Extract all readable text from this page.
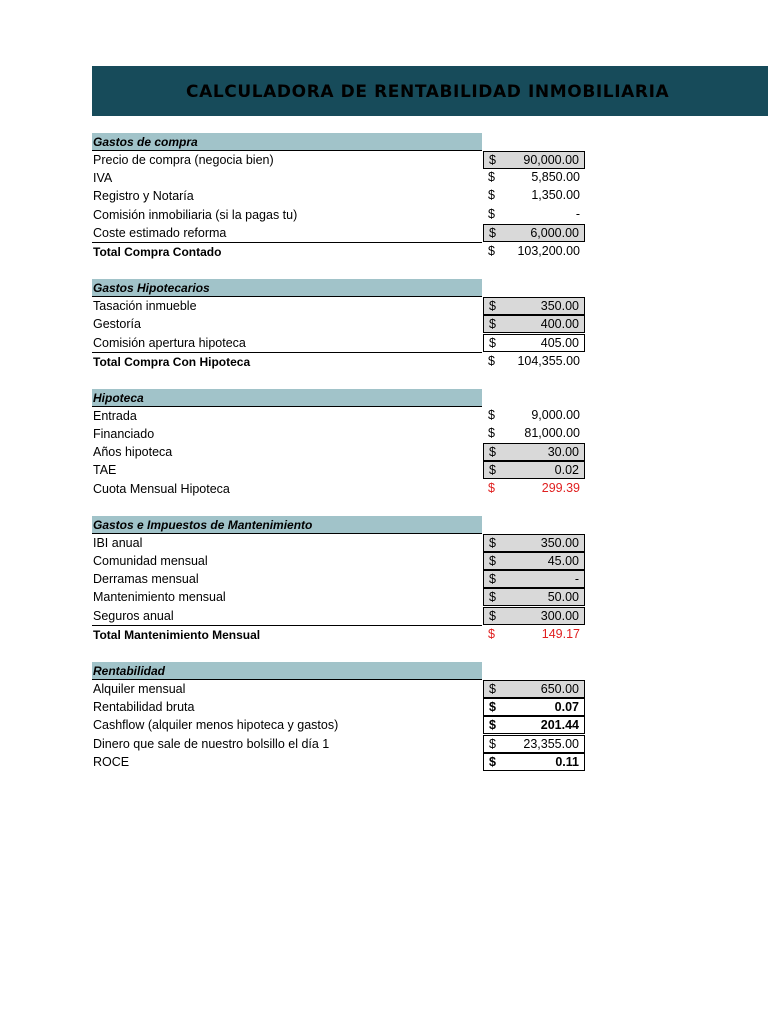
CALCULADORA DE RENTABILIDAD INMOBILIARIA
Gastos de compra
Precio de compra (negocia bien)	$ 90,000.00
IVA	$	5,850.00
Registro y Notaría	$	1,350.00
Comisión inmobiliaria (si la pagas tu)	$	-
Coste estimado reforma	$	6,000.00
Total Compra Contado	$ 103,200.00
Gastos Hipotecarios
Tasación inmueble	$	350.00
Gestoría	$	400.00
Comisión apertura hipoteca	$	405.00
Total Compra Con Hipoteca	$ 104,355.00
Hipoteca
Entrada	$	9,000.00
Financiado	$ 81,000.00
Años hipoteca	$	30.00
TAE	$	0.02
Cuota Mensual Hipoteca	$	299.39
Gastos e Impuestos de Mantenimiento
IBI anual	$	350.00
Comunidad mensual	$	45.00
Derramas mensual	$	-
Mantenimiento mensual	$	50.00
Seguros anual	$	300.00
Total Mantenimiento Mensual	$	149.17
Rentabilidad
Alquiler mensual	$	650.00
Rentabilidad bruta	$	0.07
Cashflow (alquiler menos hipoteca y gastos)	$	201.44
Dinero que sale de nuestro bolsillo el día 1	$ 23,355.00
ROCE	$	0.11
